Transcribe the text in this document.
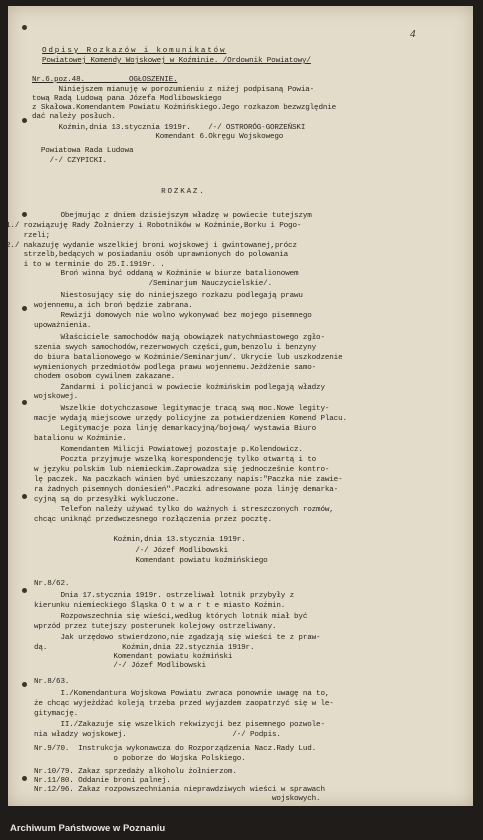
4
Odpisy Rozkazów i komunikatów
Powiatowej Komendy Wojskowej w Koźminie. /Ordownik Powiatowy/
Nr.6.poz.48.          OGŁOSZENIE.
Niniejszem mianuję w porozumieniu z niżej podpisaną Powia-
tową Radą Ludową pana Józefa Modlibowskiego
z Skałowa.Komendantem Powiatu Koźmińskiego.Jego rozkazom bezwzględnie
dać należy posłuch.
Koźmin,dnia 13.stycznia 1919r.    /-/ OSTRORÓG-GORZEŃSKI
Komendant 6.Okręgu Wojskowego
Powiatowa Rada Ludowa
/-/ CZYPICKI.
ROZKAZ.
Obejmując z dniem dzisiejszym władzę w powiecie tutejszym
1./ rozwiązuję Rady Żołnierzy i Robotników w Koźminie,Borku i Pogo-
rzeli;
2./ nakazuję wydanie wszelkiej broni wojskowej i gwintowanej,prócz
strzelb,bedących w posiadaniu osób uprawnionych do polowania
i to w terminie do 25.I.1919r. .
Broń winna być oddaną w Koźminie w biurze batalionowem
/Seminarjum Nauczycielskie/.
Niestosujący się do niniejszego rozkazu podlegają prawu
wojennemu,a ich broń będzie zabrana.
Rewizji domowych nie wolno wykonywać bez mojego pisemnego
upoważnienia.
Właściciele samochodów mają obowiązek natychmiastowego zgło-
szenia swych samochodów,rezerwowych części,gum,benzolu i benzyny
do biura batalionowego w Koźminie/Seminarjum/. Ukrycie lub uszkodzenie
wymienionych przedmiotów podlega prawu wojennemu.Jeżdżenie samo-
chodem osobom cywilnem zakazane.
Żandarmi i policjanci w powiecie koźmińskim podlegają władzy
wojskowej.
Wszelkie dotychczasowe legitymacje tracą swą moc.Nowe legity-
macje wydają miejscowe urzędy policyjne za potwierdzeniem Komend Placu.
Legitymacje poza linję demarkacyjną/bojową/ wystawia Biuro
batalionu w Koźminie.
Komendantem Milicji Powiatowej pozostaje p.Kolendowicz.
Poczta przyjmuje wszelką korespondencję tylko otwartą i to
w języku polskim lub niemieckim.Zaprowadza się jednocześnie kontro-
lę paczek. Na paczkach winien być umieszczany napis:"Paczka nie zawie-
ra żadnych pisemnych doniesień".Paczki adresowane poza linję demarka-
cyjną są do przesyłki wykluczone.
Telefon należy używać tylko do ważnych i streszczonych rozmów,
chcąc uniknąć przedwczesnego rozłączenia przez pocztę.
Koźmin,dnia 13.stycznia 1919r.
/-/ Józef Modlibowski
Komendant powiatu koźmińskiego
Nr.8/62.
Dnia 17.stycznia 1919r. ostrzeliwał lotnik przybyły z
kierunku niemieckiego Śląska O t w a r t e miasto Koźmin.
Rozpowszechnia się wieści,według których lotnik miał być
wprzód przez tutejszy posterunek kolejowy ostrzeliwany.
Jak urzędowo stwierdzono,nie zgadzają się wieści te z praw-
dą.                 Koźmin,dnia 22.stycznia 1919r.
Komendant powiatu koźmiński
/-/ Józef Modlibowski
Nr.8/63.
I./Komendantura Wojskowa Powiatu zwraca ponownie uwagę na to,
że chcąc wyjeżdżać koleją trzeba przed wyjazdem zaopatrzyć się w le-
gitymację.
II./Zakazuje się wszelkich rekwizycji bez pisemnego pozwole-
nia władzy wojskowej.                        /-/ Podpis.
Nr.9/70.  Instrukcja wykonawcza do Rozporządzenia Nacz.Rady Lud.
o poborze do Wojska Polskiego.
Nr.10/79. Zakaz sprzedaży alkoholu żołnierzom.
Nr.11/80. Oddanie broni palnej.
Nr.12/96. Zakaz rozpowszechniania nieprawdziwych wieści w sprawach
wojskowych.
Archiwum Państwowe w Poznaniu
